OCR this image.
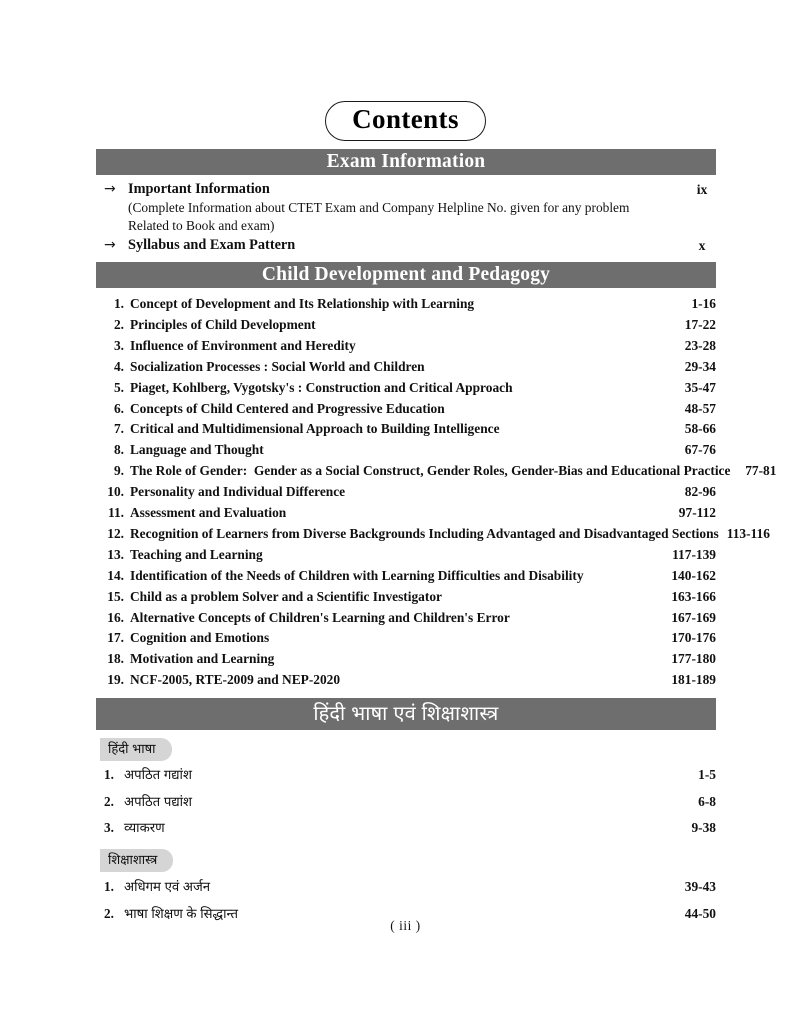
Contents
Exam Information
→ Important Information
(Complete Information about CTET Exam and Company Helpline No. given for any problem
Related to Book and exam)
ix
→ Syllabus and Exam Pattern	x
Child Development and Pedagogy
1. Concept of Development and Its Relationship with Learning	1-16
2. Principles of Child Development	17-22
3. Influence of Environment and Heredity	23-28
4. Socialization Processes : Social World and Children	29-34
5. Piaget, Kohlberg, Vygotsky's : Construction and Critical Approach	35-47
6. Concepts of Child Centered and Progressive Education	48-57
7. Critical and Multidimensional Approach to Building Intelligence	58-66
8. Language and Thought	67-76
9. The Role of Gender:  Gender as a Social Construct, Gender Roles, Gender-Bias and Educational Practice	77-81
10. Personality and Individual Difference	82-96
11. Assessment and Evaluation	97-112
12. Recognition of Learners from Diverse Backgrounds Including Advantaged and Disadvantaged Sections 113-116
13. Teaching and Learning	117-139
14. Identification of the Needs of Children with Learning Difficulties and Disability	140-162
15. Child as a problem Solver and a Scientific Investigator	163-166
16. Alternative Concepts of Children's Learning and Children's Error	167-169
17. Cognition and Emotions	170-176
18. Motivation and Learning	177-180
19. NCF-2005, RTE-2009 and NEP-2020	181-189
हिंदी भाषा एवं शिक्षाशास्त्र
हिंदी भाषा
1. अपठित गद्यांश	1-5
2. अपठित पद्यांश	6-8
3. व्याकरण	9-38
शिक्षाशास्त्र
1. अधिगम एवं अर्जन	39-43
2. भाषा शिक्षण के सिद्धान्त	44-50
( iii )
